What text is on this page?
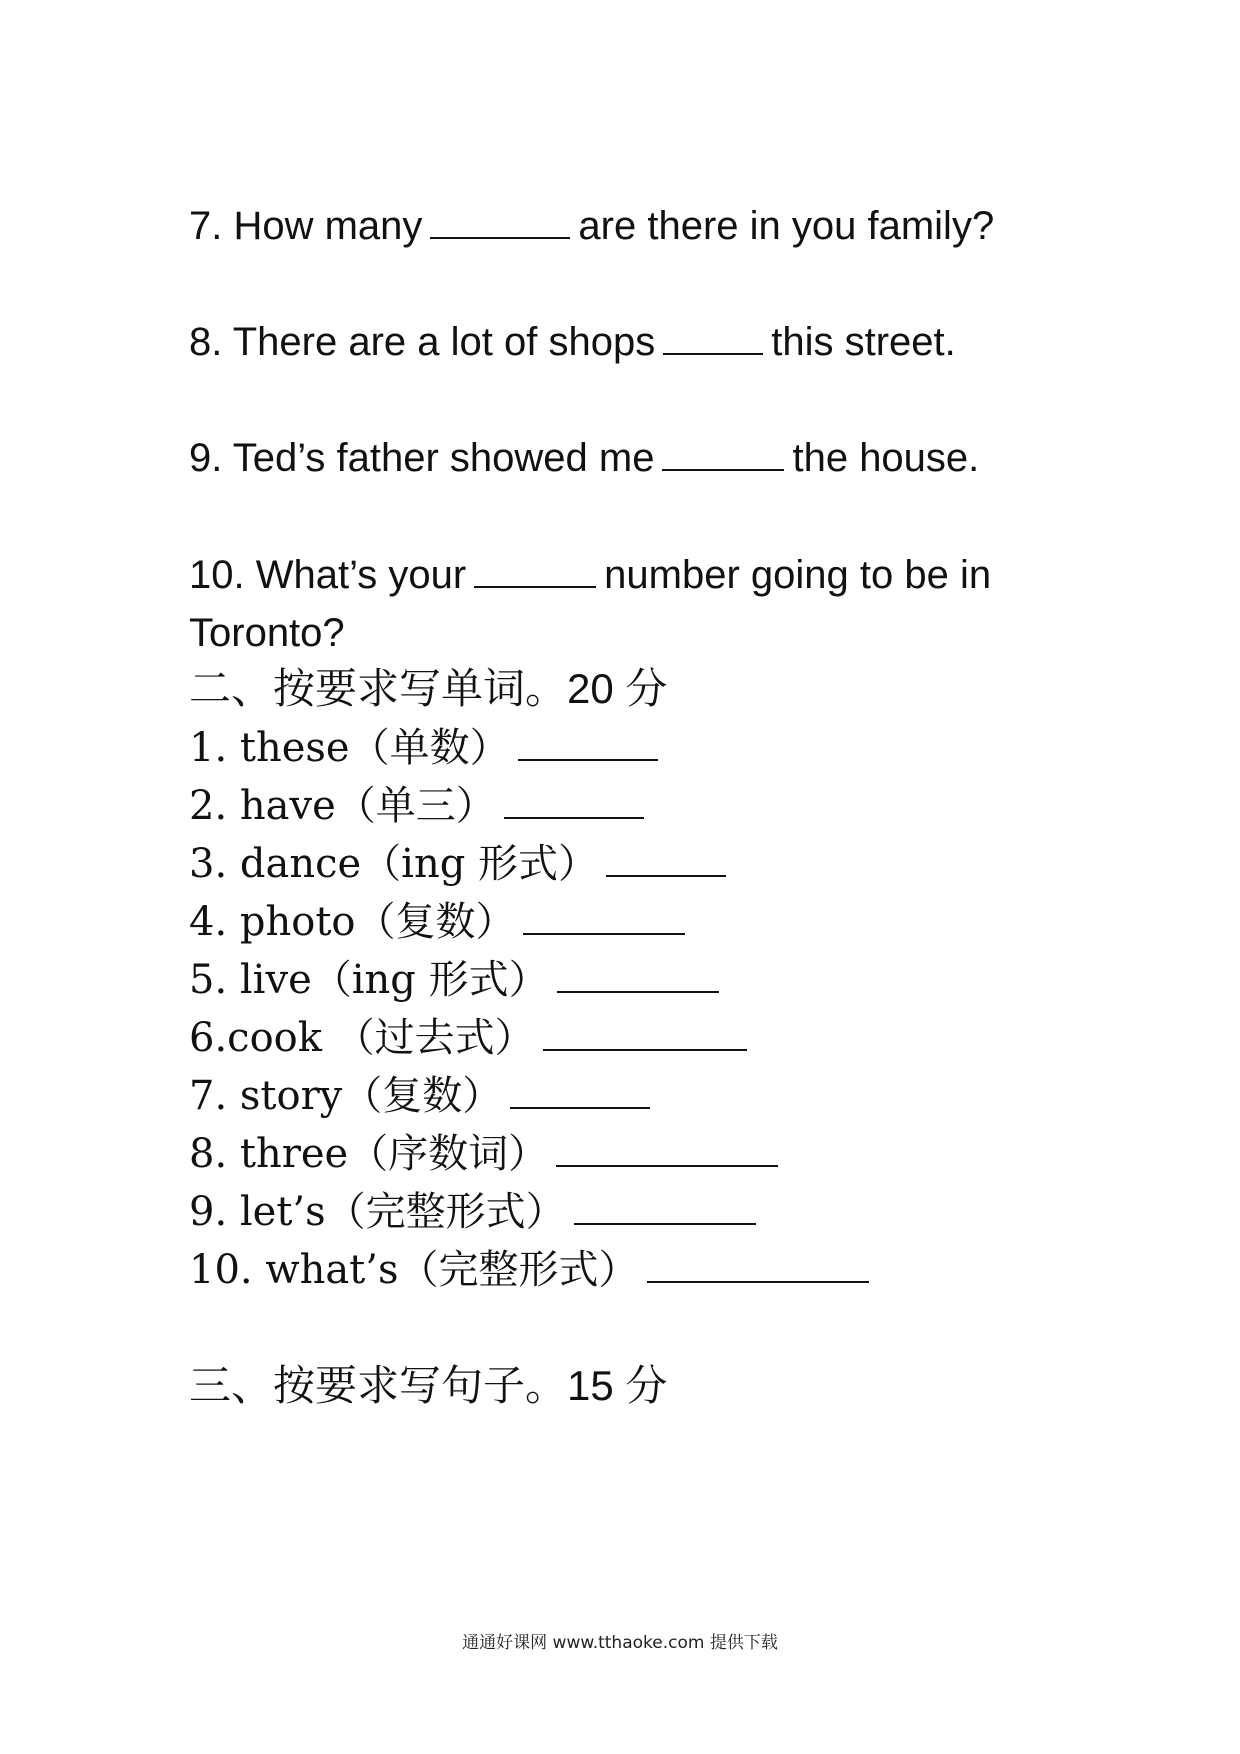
7. How many	are there in you family?
8. There are a lot of shops	this street.
9. Ted’s father showed me	the house.
10. What’s your	number going to be in
Toronto?
二、按要求写单词。20 分
1. these（单数）
2. have（单三）
3. dance（ing 形式）
4. photo（复数）
5. live（ing 形式）
6.cook （过去式）
7. story（复数）
8. three（序数词）
9. let’s（完整形式）
10. what’s（完整形式）
三、按要求写句子。15 分
通通好课网 www.tthaoke.com 提供下载
